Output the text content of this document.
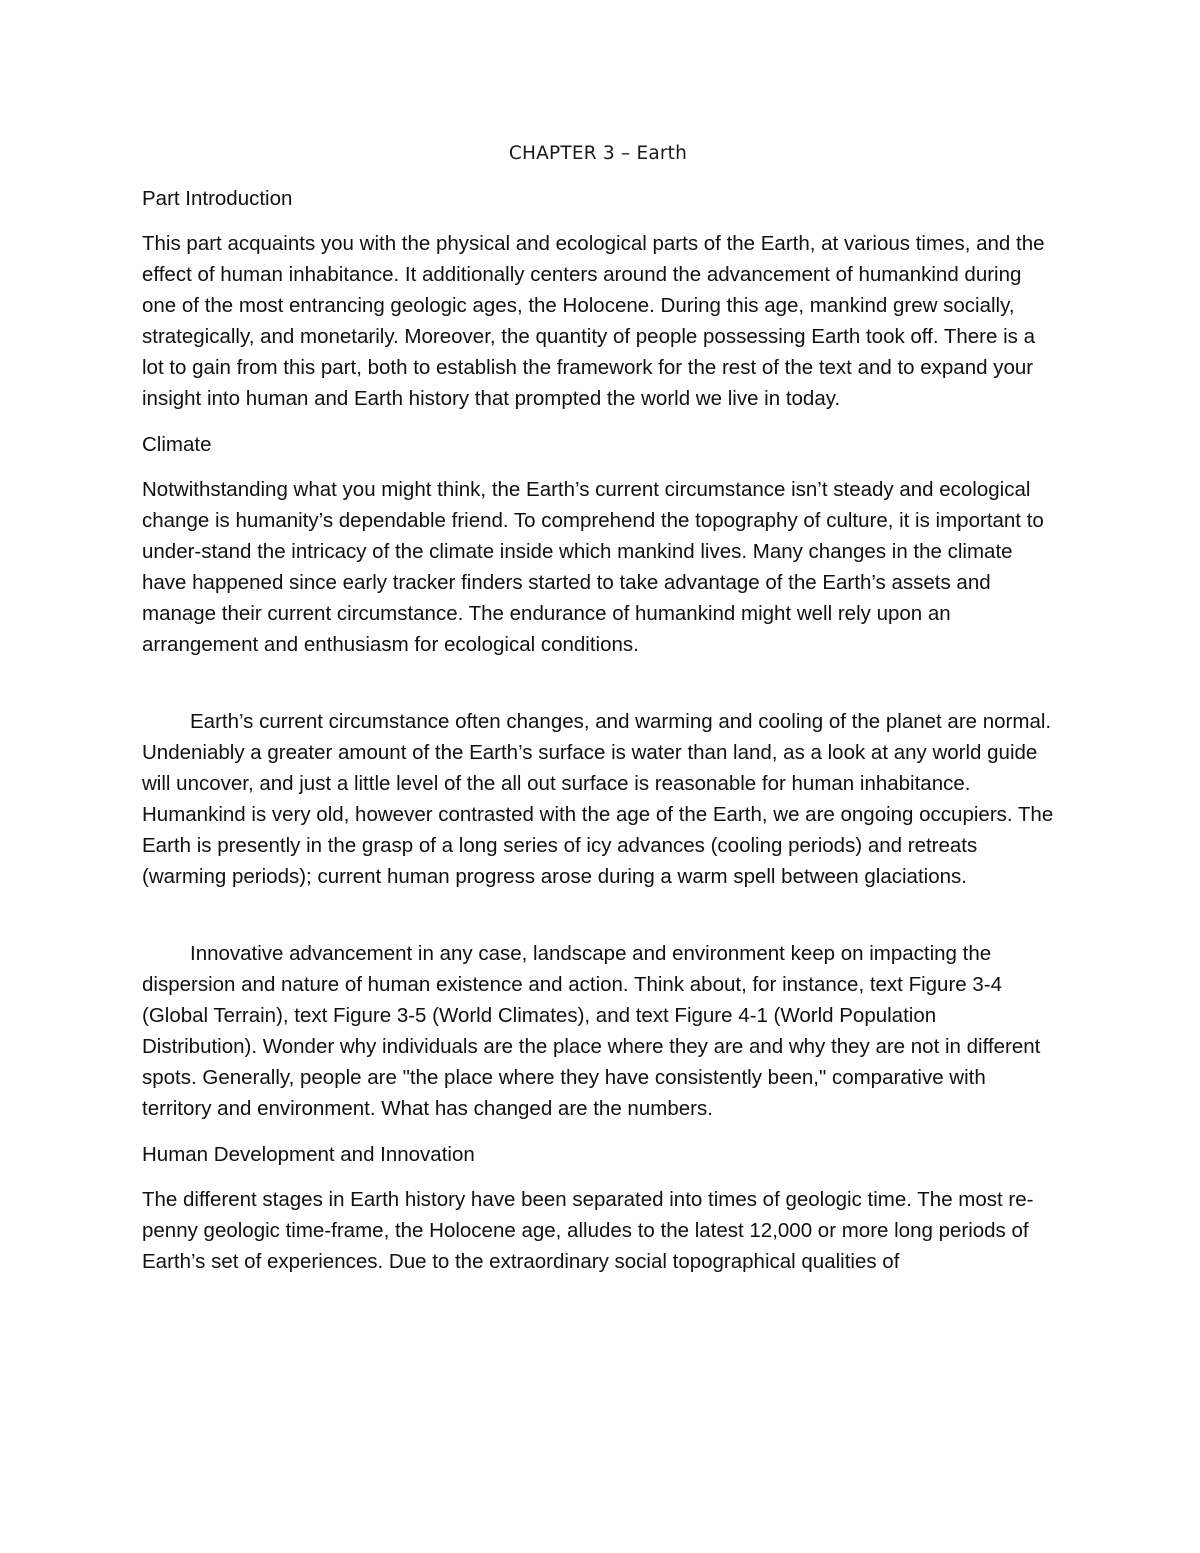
CHAPTER 3 – Earth
Part Introduction
This part acquaints you with the physical and ecological parts of the Earth, at various times, and the effect of human inhabitance. It additionally centers around the advancement of humankind during one of the most entrancing geologic ages, the Holocene. During this age, mankind grew socially, strategically, and monetarily. Moreover, the quantity of people possessing Earth took off. There is a lot to gain from this part, both to establish the framework for the rest of the text and to expand your insight into human and Earth history that prompted the world we live in today.
Climate
Notwithstanding what you might think, the Earth’s current circumstance isn’t steady and ecological change is humanity’s dependable friend. To comprehend the topography of culture, it is important to under-stand the intricacy of the climate inside which mankind lives. Many changes in the climate have happened since early tracker finders started to take advantage of the Earth’s assets and manage their current circumstance. The endurance of humankind might well rely upon an arrangement and enthusiasm for ecological conditions.
Earth’s current circumstance often changes, and warming and cooling of the planet are normal. Undeniably a greater amount of the Earth’s surface is water than land, as a look at any world guide will uncover, and just a little level of the all out surface is reasonable for human inhabitance. Humankind is very old, however contrasted with the age of the Earth, we are ongoing occupiers. The Earth is presently in the grasp of a long series of icy advances (cooling periods) and retreats (warming periods); current human progress arose during a warm spell between glaciations.
Innovative advancement in any case, landscape and environment keep on impacting the dispersion and nature of human existence and action. Think about, for instance, text Figure 3-4 (Global Terrain), text Figure 3-5 (World Climates), and text Figure 4-1 (World Population Distribution). Wonder why individuals are the place where they are and why they are not in different spots. Generally, people are "the place where they have consistently been," comparative with territory and environment. What has changed are the numbers.
Human Development and Innovation
The different stages in Earth history have been separated into times of geologic time. The most re-penny geologic time-frame, the Holocene age, alludes to the latest 12,000 or more long periods of Earth’s set of experiences. Due to the extraordinary social topographical qualities of
